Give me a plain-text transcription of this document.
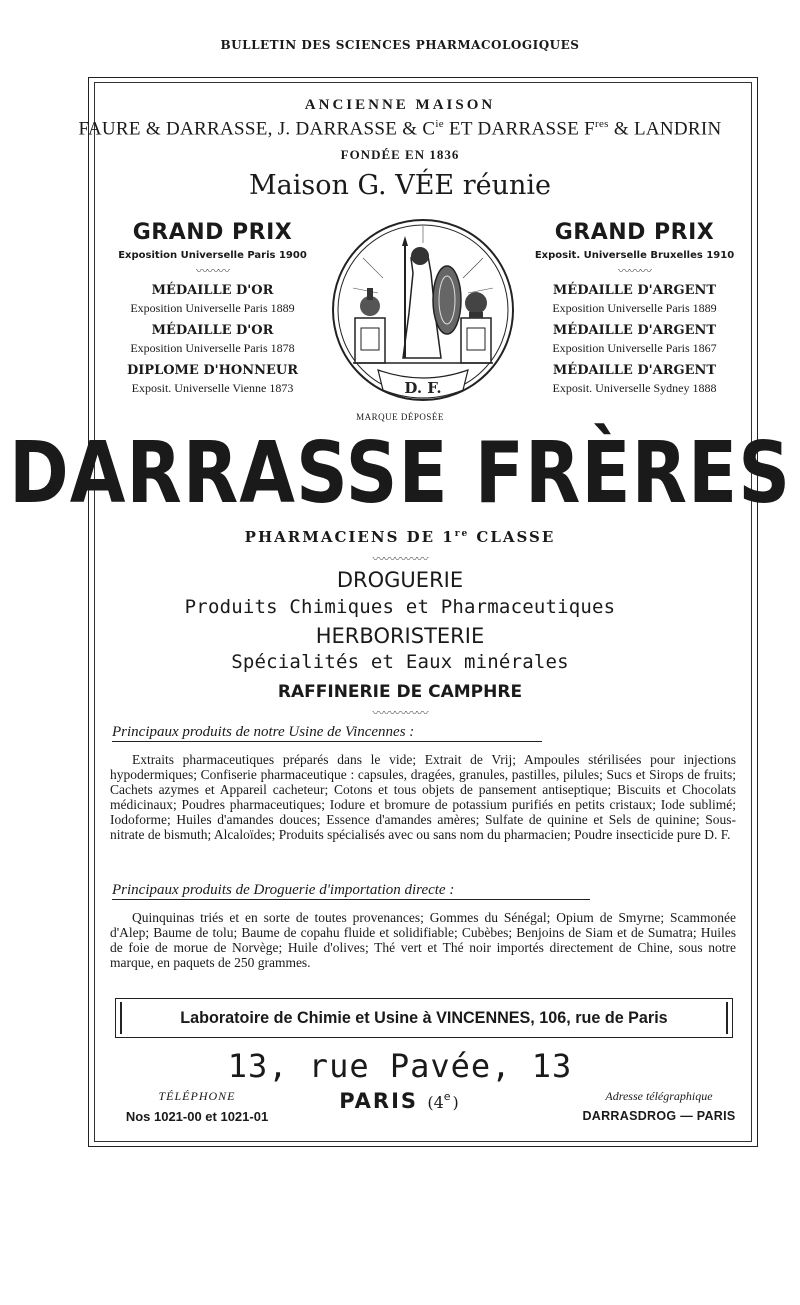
BULLETIN DES SCIENCES PHARMACOLOGIQUES
ANCIENNE MAISON
FAURE & DARRASSE, J. DARRASSE & $C^{ie}$ ET DARRASSE $F^{res}$ & LANDRIN
FONDÉE EN 1836
Maison G. VÉE réunie
GRAND PRIX
Exposition Universelle Paris 1900
〰〰〰
MÉDAILLE D'OR
Exposition Universelle Paris 1889
MÉDAILLE D'OR
Exposition Universelle Paris 1878
DIPLOME D'HONNEUR
Exposit. Universelle Vienne 1873
GRAND PRIX
Exposit. Universelle Bruxelles 1910
〰〰〰
MÉDAILLE D'ARGENT
Exposition Universelle Paris 1889
MÉDAILLE D'ARGENT
Exposition Universelle Paris 1867
MÉDAILLE D'ARGENT
Exposit. Universelle Sydney 1888
D. F.
MARQUE DÉPOSÉE
DARRASSE FRÈRES
PHARMACIENS DE 1re CLASSE
〰〰〰〰〰
DROGUERIE
Produits Chimiques et Pharmaceutiques
HERBORISTERIE
Spécialités et Eaux minérales
RAFFINERIE DE CAMPHRE
〰〰〰〰〰
Principaux produits de notre Usine de Vincennes :
Extraits pharmaceutiques préparés dans le vide; Extrait de Vrij; Ampoules stérilisées pour injections hypodermiques; Confiserie pharmaceutique : capsules, dragées, granules, pastilles, pilules; Sucs et Sirops de fruits; Cachets azymes et Appareil cacheteur; Cotons et tous objets de pansement antiseptique; Biscuits et Chocolats médicinaux; Poudres pharmaceutiques; Iodure et bromure de potassium purifiés en petits cristaux; Iode sublimé; Iodoforme; Huiles d'amandes douces; Essence d'amandes amères; Sulfate de quinine et Sels de quinine; Sous-nitrate de bismuth; Alcaloïdes; Produits spécialisés avec ou sans nom du pharmacien; Poudre insecticide pure D. F.
Principaux produits de Droguerie d'importation directe :
Quinquinas triés et en sorte de toutes provenances; Gommes du Sénégal; Opium de Smyrne; Scammonée d'Alep; Baume de tolu; Baume de copahu fluide et solidifiable; Cubèbes; Benjoins de Siam et de Sumatra; Huiles de foie de morue de Norvège; Huile d'olives; Thé vert et Thé noir importés directement de Chine, sous notre marque, en paquets de 250 grammes.
Laboratoire de Chimie et Usine à VINCENNES, 106, rue de Paris
13, rue Pavée, 13
PARIS (4e)
TÉLÉPHONE
Nos 1021-00 et 1021-01
Adresse télégraphique
DARRASDROG — PARIS
